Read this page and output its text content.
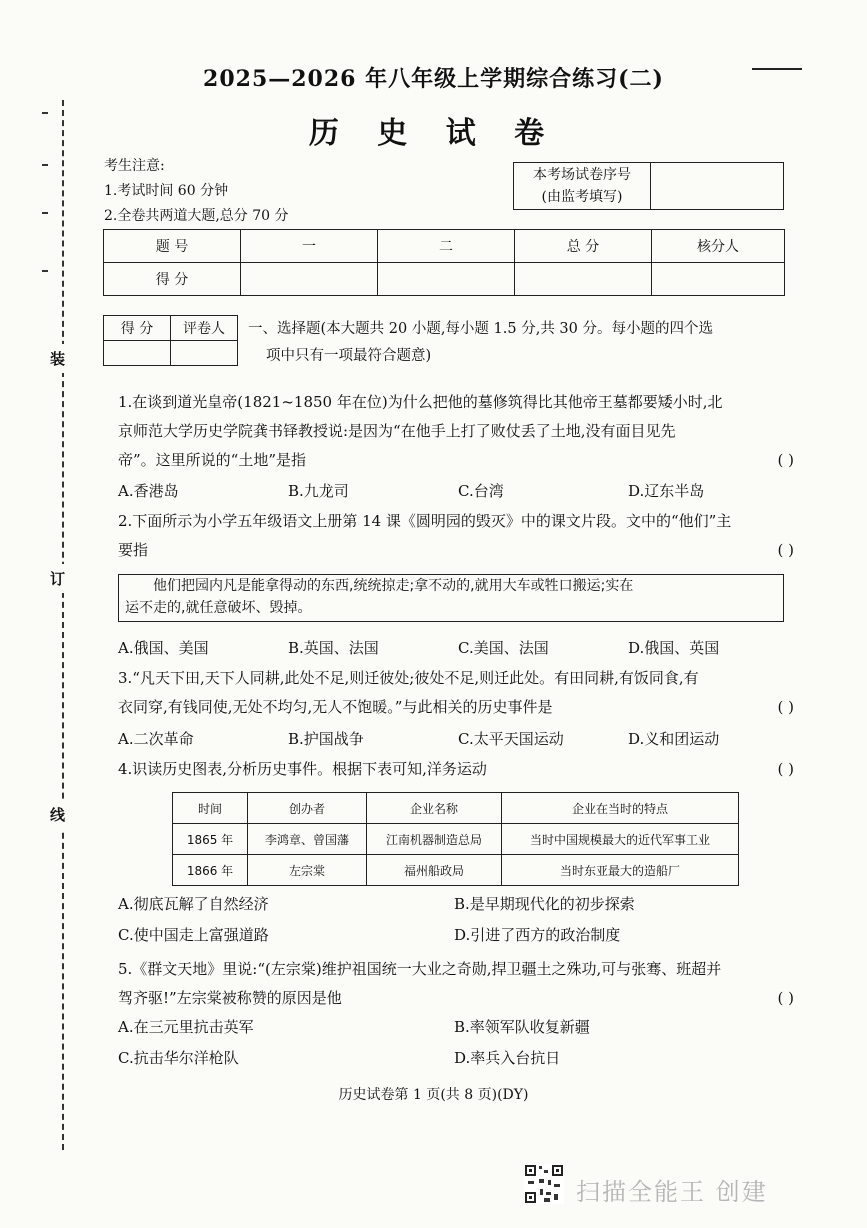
2025—2026 年八年级上学期综合练习(二)
历 史 试 卷
装
订
线
考生注意:
1.考试时间 60 分钟
2.全卷共两道大题,总分 70 分
本考场试卷序号
(由监考填写)

题 号	一	二	总 分	核分人
得 分				
得 分	评卷人
	一、选择题(本大题共 20 小题,每小题 1.5 分,共 30 分。每小题的四个选
项中只有一项最符合题意)
1.在谈到道光皇帝(1821~1850 年在位)为什么把他的墓修筑得比其他帝王墓都要矮小时,北
京师范大学历史学院龚书铎教授说:是因为“在他手上打了败仗丢了土地,没有面目见先
帝”。这里所说的“土地”是指	( )
A.香港岛	B.九龙司	C.台湾	D.辽东半岛
2.下面所示为小学五年级语文上册第 14 课《圆明园的毁灭》中的课文片段。文中的“他们”主
要指	( )
他们把园内凡是能拿得动的东西,统统掠走;拿不动的,就用大车或牲口搬运;实在
运不走的,就任意破坏、毁掉。
A.俄国、美国	B.英国、法国	C.美国、法国	D.俄国、英国
3.“凡天下田,天下人同耕,此处不足,则迁彼处;彼处不足,则迁此处。有田同耕,有饭同食,有
衣同穿,有钱同使,无处不均匀,无人不饱暖。”与此相关的历史事件是	( )
A.二次革命	B.护国战争	C.太平天国运动	D.义和团运动
4.识读历史图表,分析历史事件。根据下表可知,洋务运动	( )
时间	创办者	企业名称	企业在当时的特点
1865 年	李鸿章、曾国藩	江南机器制造总局	当时中国规模最大的近代军事工业
1866 年	左宗棠	福州船政局	当时东亚最大的造船厂
A.彻底瓦解了自然经济	B.是早期现代化的初步探索
C.使中国走上富强道路	D.引进了西方的政治制度
5.《群文天地》里说:“(左宗棠)维护祖国统一大业之奇勋,捍卫疆土之殊功,可与张骞、班超并
驾齐驱!”左宗棠被称赞的原因是他	( )
A.在三元里抗击英军	B.率领军队收复新疆
C.抗击华尔洋枪队	D.率兵入台抗日
历史试卷第 1 页(共 8 页)(DY)
扫描全能王 创建
